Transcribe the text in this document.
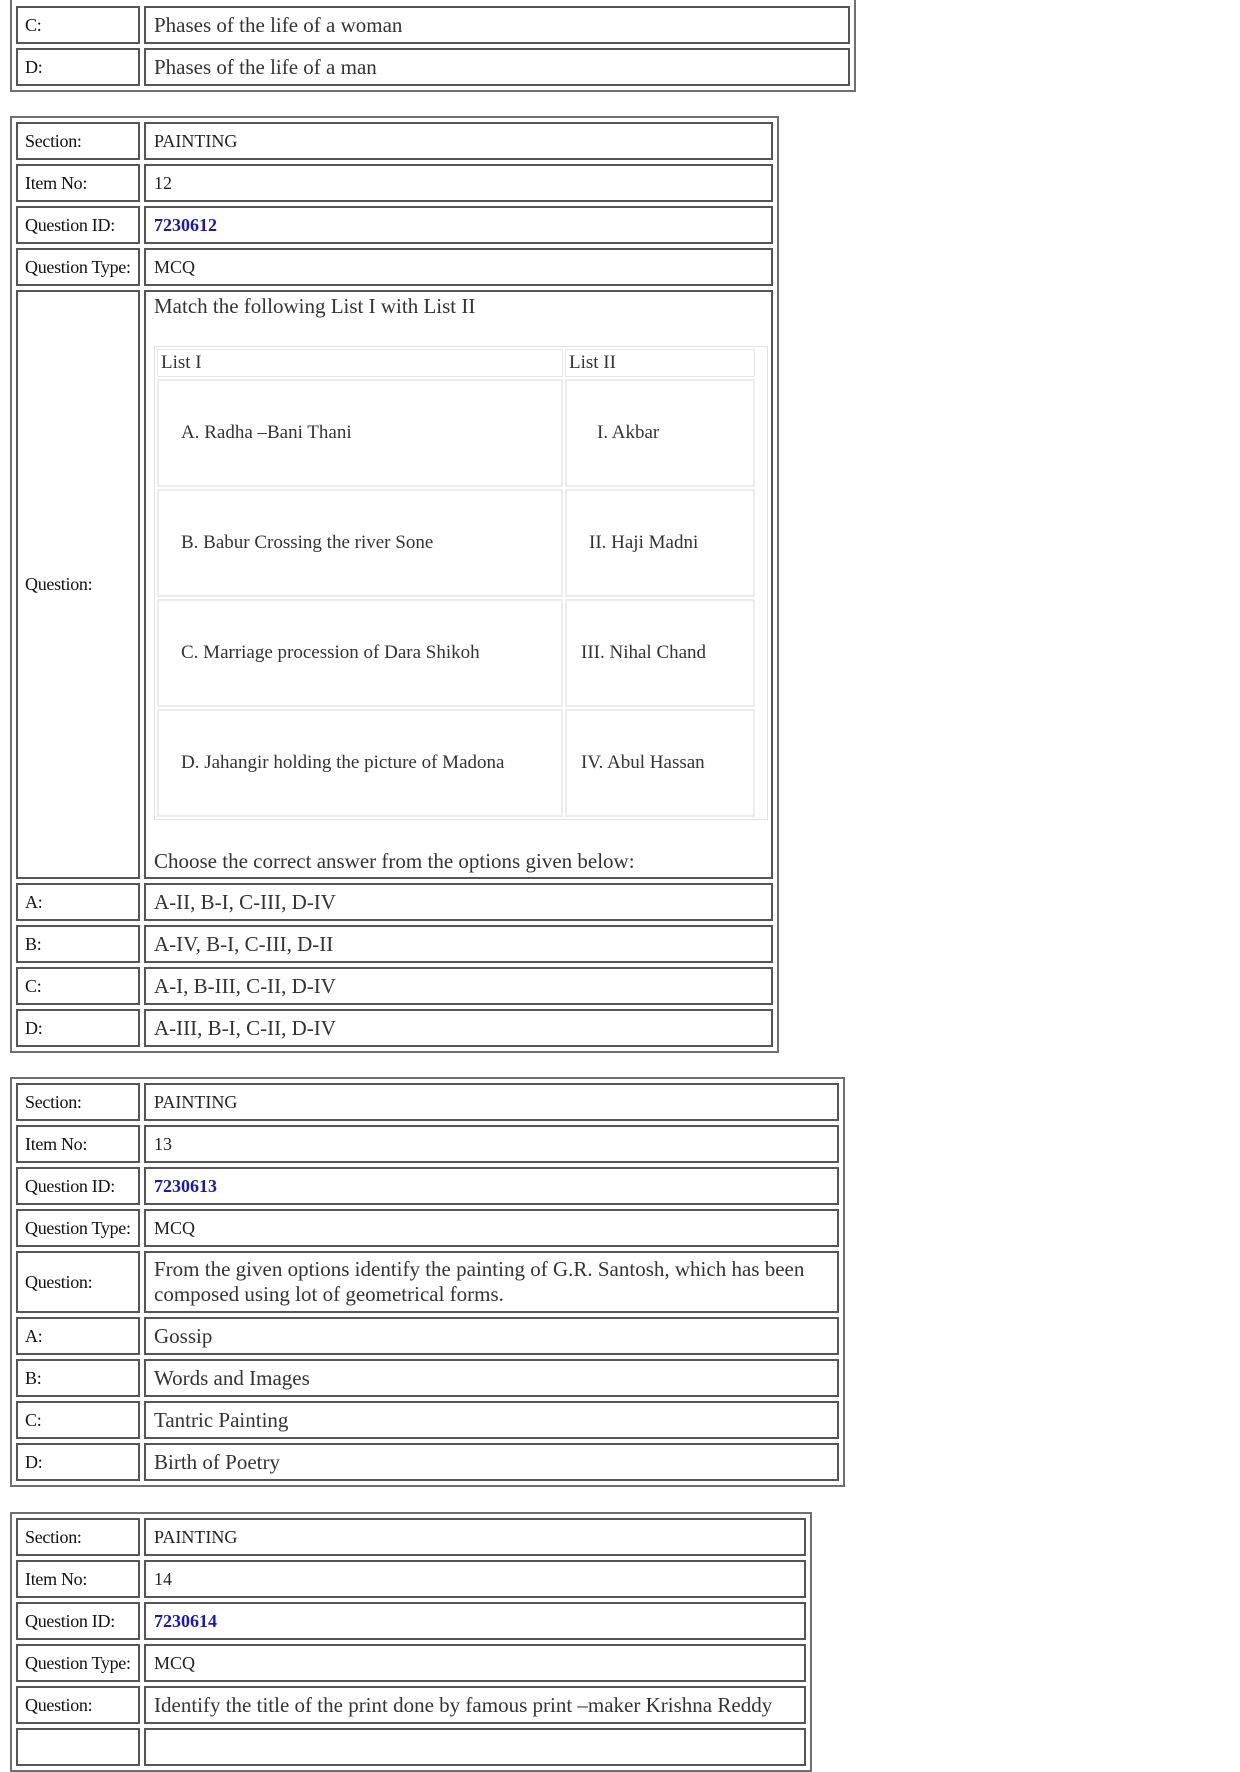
C:	Phases of the life of a woman
D:	Phases of the life of a man
Section:	PAINTING
Item No:	12
Question ID:	7230612
Question Type:	MCQ
Question:
Match the following List I with List II
List I	List II
A. Radha –Bani Thani	I. Akbar
B. Babur Crossing the river Sone	II. Haji Madni
C. Marriage procession of Dara Shikoh	III. Nihal Chand
D. Jahangir holding the picture of Madona	IV. Abul Hassan
Choose the correct answer from the options given below:
A:	A-II, B-I, C-III, D-IV
B:	A-IV, B-I, C-III, D-II
C:	A-I, B-III, C-II, D-IV
D:	A-III, B-I, C-II, D-IV
Section:	PAINTING
Item No:	13
Question ID:	7230613
Question Type:	MCQ
Question:
From the given options identify the painting of G.R. Santosh, which has been composed using lot of geometrical forms.
A:	Gossip
B:	Words and Images
C:	Tantric Painting
D:	Birth of Poetry
Section:	PAINTING
Item No:	14
Question ID:	7230614
Question Type:	MCQ
Question:	Identify the title of the print done by famous print –maker Krishna Reddy
